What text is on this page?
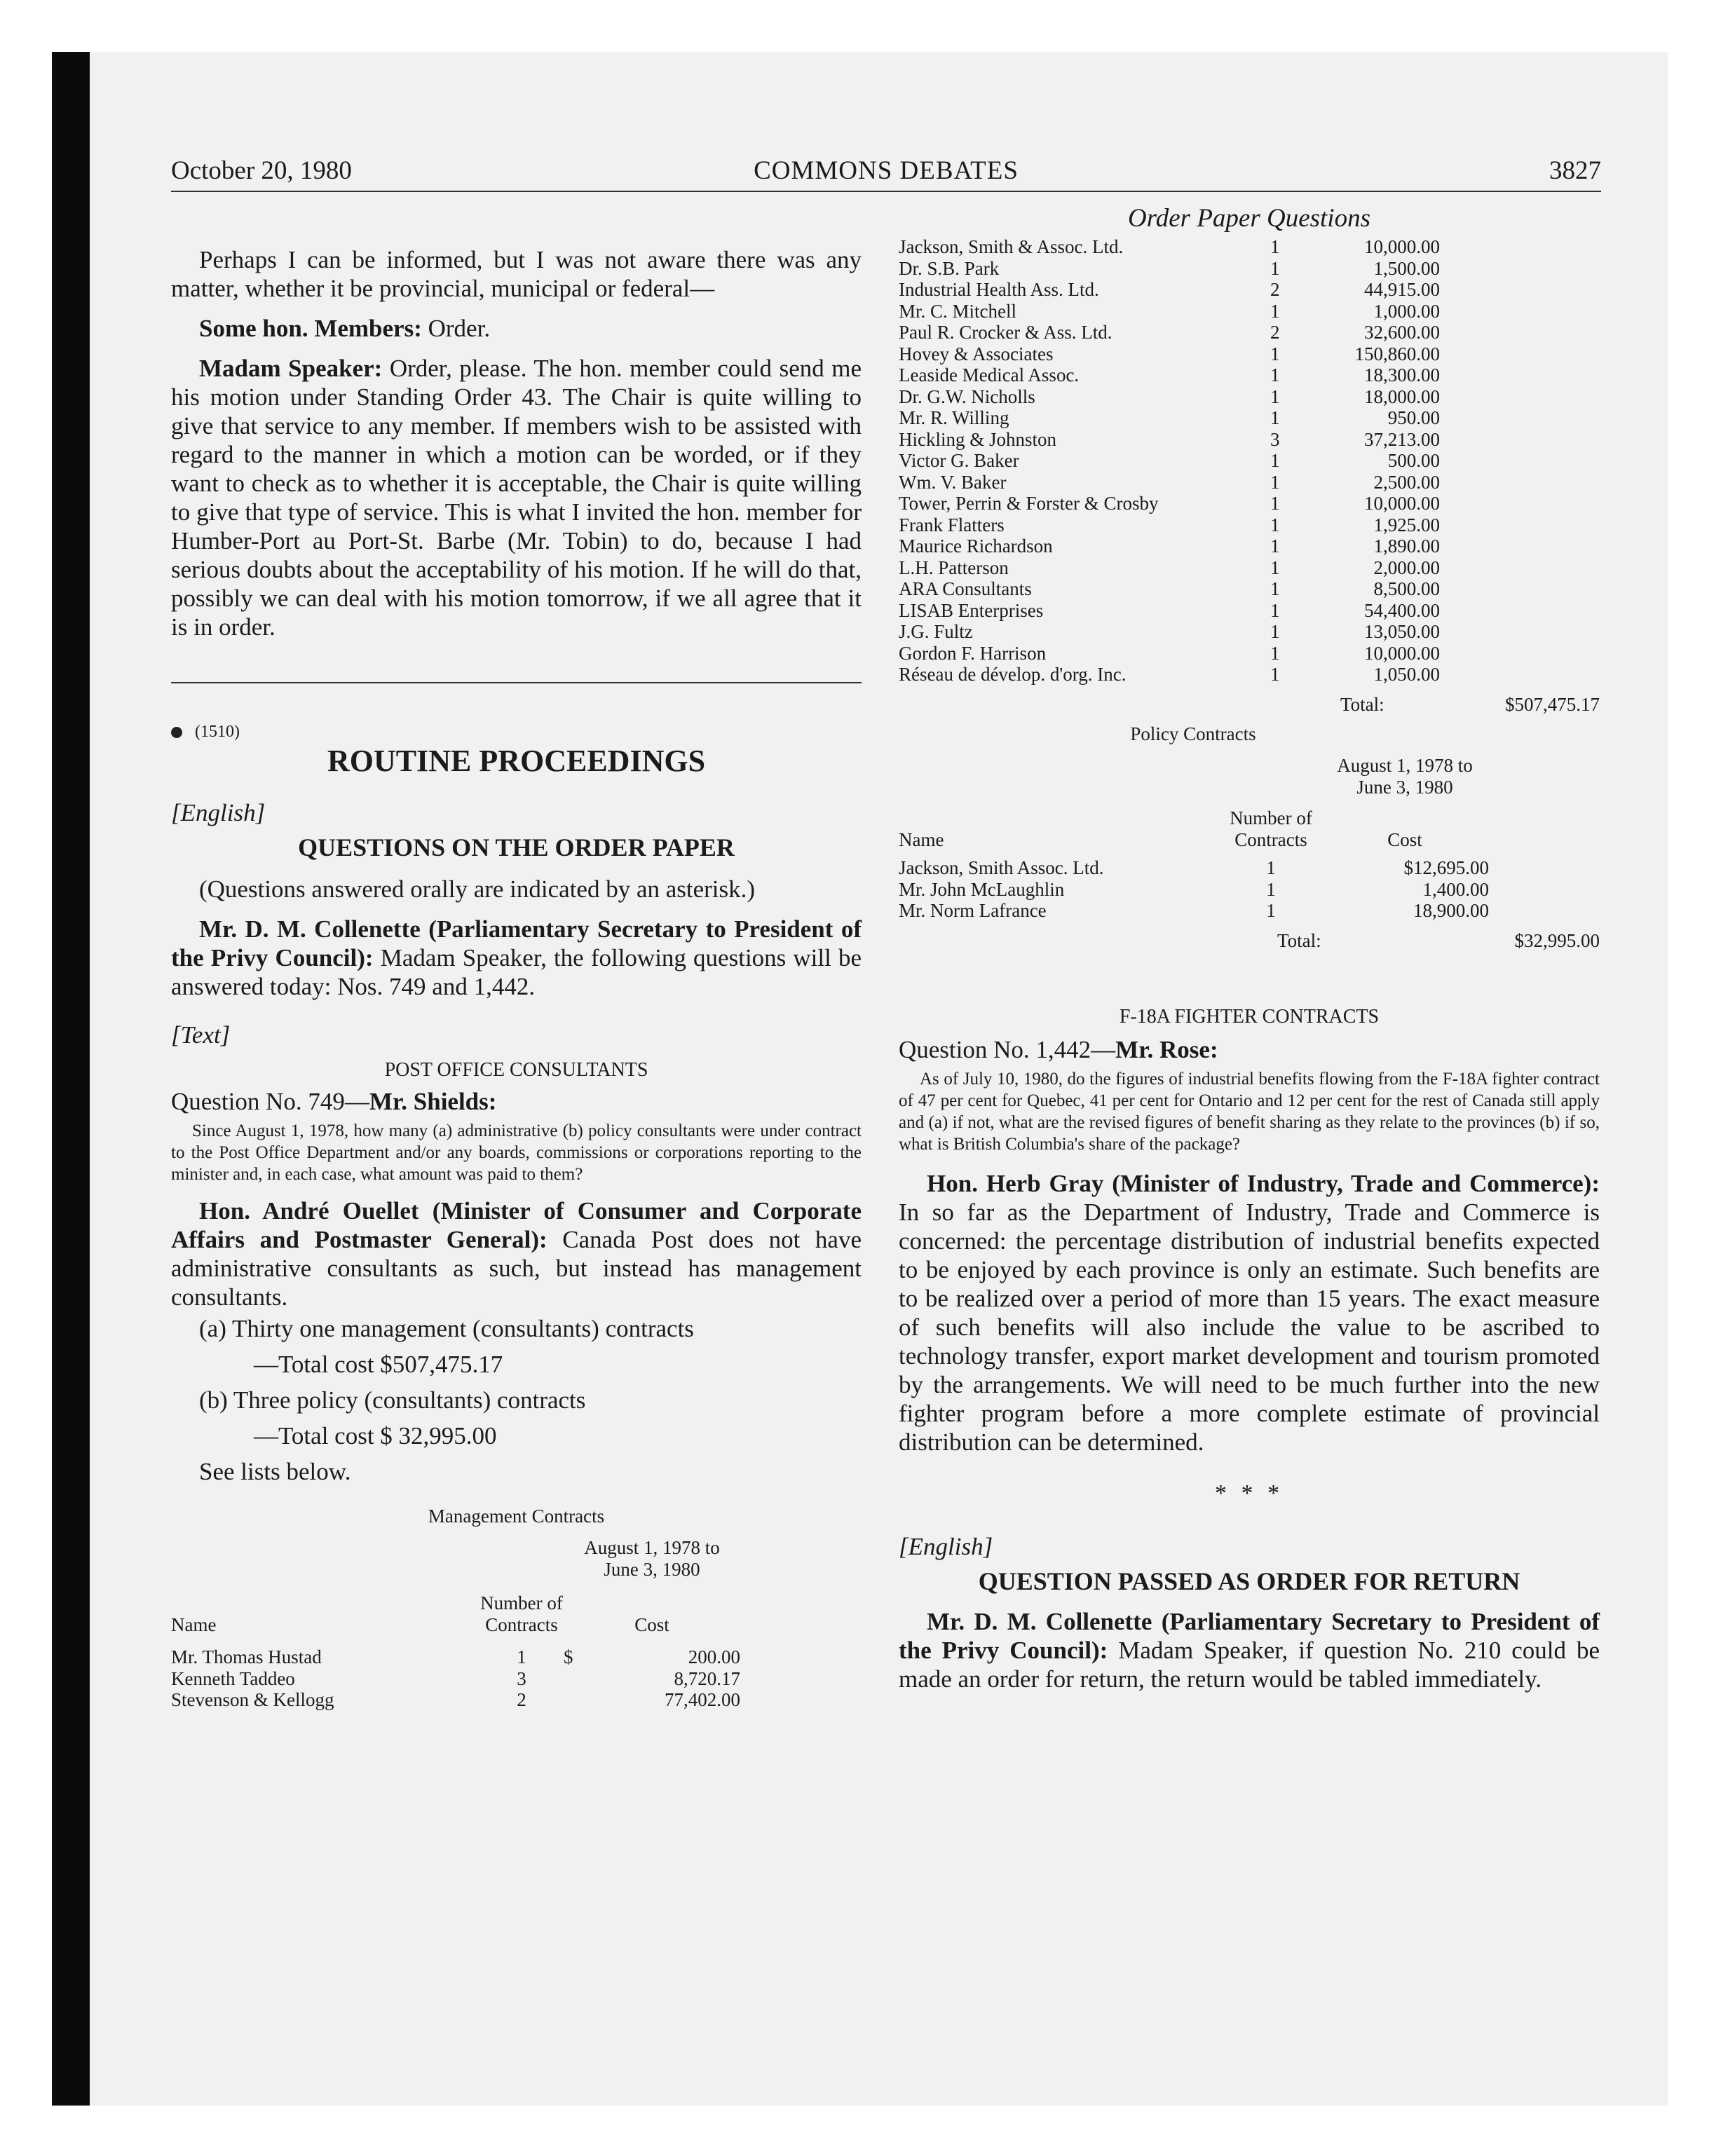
October 20, 1980	COMMONS DEBATES	3827

Perhaps I can be informed, but I was not aware there was any matter, whether it be provincial, municipal or federal—

Some hon. Members: Order.

Madam Speaker: Order, please. The hon. member could send me his motion under Standing Order 43. The Chair is quite willing to give that service to any member. If members wish to be assisted with regard to the manner in which a motion can be worded, or if they want to check as to whether it is acceptable, the Chair is quite willing to give that type of service. This is what I invited the hon. member for Humber-Port au Port-St. Barbe (Mr. Tobin) to do, because I had serious doubts about the acceptability of his motion. If he will do that, possibly we can deal with his motion tomorrow, if we all agree that it is in order.

(1510)
ROUTINE PROCEEDINGS
[English]
QUESTIONS ON THE ORDER PAPER

(Questions answered orally are indicated by an asterisk.)

Mr. D. M. Collenette (Parliamentary Secretary to President of the Privy Council): Madam Speaker, the following questions will be answered today: Nos. 749 and 1,442.

[Text]
POST OFFICE CONSULTANTS

Question No. 749—Mr. Shields:

Since August 1, 1978, how many (a) administrative (b) policy consultants were under contract to the Post Office Department and/or any boards, commissions or corporations reporting to the minister and, in each case, what amount was paid to them?

Hon. André Ouellet (Minister of Consumer and Corporate Affairs and Postmaster General): Canada Post does not have administrative consultants as such, but instead has management consultants.

(a) Thirty one management (consultants) contracts
—Total cost $507,475.17
(b) Three policy (consultants) contracts
—Total cost $ 32,995.00
See lists below.
Management Contracts
		August 1, 1978 to
June 3, 1980	
	Number of		
Name	Contracts	Cost	

Mr. Thomas Hustad	1	$	200.00
Kenneth Taddeo	3		8,720.17
Stevenson & Kellogg	2		77,402.00
Order Paper Questions
Jackson, Smith & Assoc. Ltd.	1	10,000.00	
Dr. S.B. Park	1	1,500.00	
Industrial Health Ass. Ltd.	2	44,915.00	
Mr. C. Mitchell	1	1,000.00	
Paul R. Crocker & Ass. Ltd.	2	32,600.00	
Hovey & Associates	1	150,860.00	
Leaside Medical Assoc.	1	18,300.00	
Dr. G.W. Nicholls	1	18,000.00	
Mr. R. Willing	1	950.00	
Hickling & Johnston	3	37,213.00	
Victor G. Baker	1	500.00	
Wm. V. Baker	1	2,500.00	
Tower, Perrin & Forster & Crosby	1	10,000.00	
Frank Flatters	1	1,925.00	
Maurice Richardson	1	1,890.00	
L.H. Patterson	1	2,000.00	
ARA Consultants	1	8,500.00	
LISAB Enterprises	1	54,400.00	
J.G. Fultz	1	13,050.00	
Gordon F. Harrison	1	10,000.00	
Réseau de dévelop. d'org. Inc.	1	1,050.00	
	Total:		$507,475.17
Policy Contracts
		August 1, 1978 to
June 3, 1980	
	Number of		
Name	Contracts	Cost	

Jackson, Smith Assoc. Ltd.	1	$12,695.00	
Mr. John McLaughlin	1	1,400.00	
Mr. Norm Lafrance	1	18,900.00	
	Total:		$32,995.00
F-18A FIGHTER CONTRACTS

Question No. 1,442—Mr. Rose:

As of July 10, 1980, do the figures of industrial benefits flowing from the F-18A fighter contract of 47 per cent for Quebec, 41 per cent for Ontario and 12 per cent for the rest of Canada still apply and (a) if not, what are the revised figures of benefit sharing as they relate to the provinces (b) if so, what is British Columbia's share of the package?

Hon. Herb Gray (Minister of Industry, Trade and Commerce): In so far as the Department of Industry, Trade and Commerce is concerned: the percentage distribution of industrial benefits expected to be enjoyed by each province is only an estimate. Such benefits are to be realized over a period of more than 15 years. The exact measure of such benefits will also include the value to be ascribed to technology transfer, export market development and tourism promoted by the arrangements. We will need to be much further into the new fighter program before a more complete estimate of provincial distribution can be determined.

* * *
[English]
QUESTION PASSED AS ORDER FOR RETURN

Mr. D. M. Collenette (Parliamentary Secretary to President of the Privy Council): Madam Speaker, if question No. 210 could be made an order for return, the return would be tabled immediately.
